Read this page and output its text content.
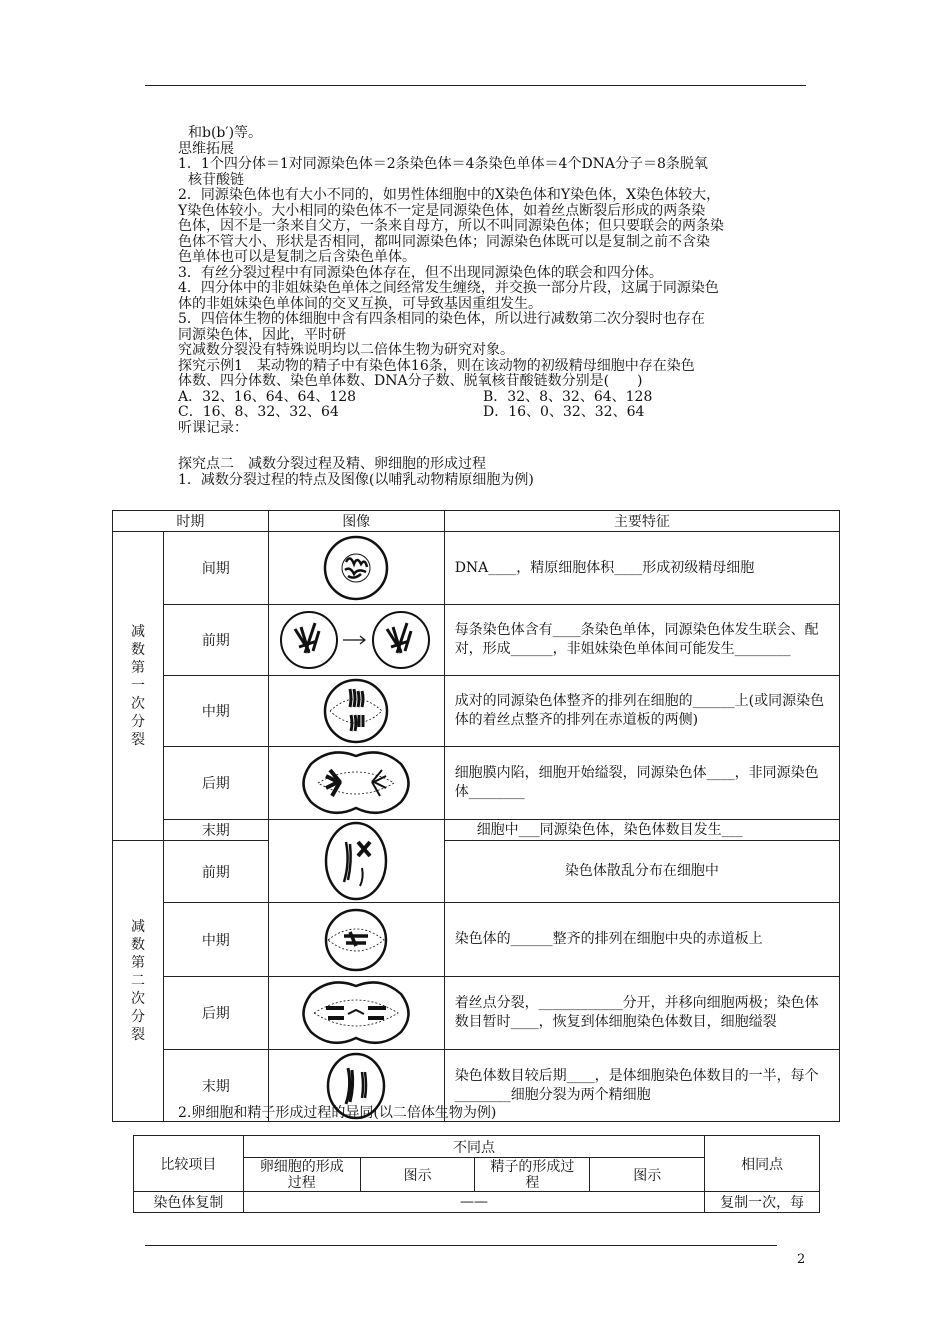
和b(b′)等。

思维拓展

1．1个四分体＝1对同源染色体＝2条染色体＝4条染色单体＝4个DNA分子＝8条脱氧

核苷酸链

2．同源染色体也有大小不同的，如男性体细胞中的X染色体和Y染色体，X染色体较大，

Y染色体较小。大小相同的染色体不一定是同源染色体，如着丝点断裂后形成的两条染

色体，因不是一条来自父方，一条来自母方，所以不叫同源染色体；但只要联会的两条染

色体不管大小、形状是否相同，都叫同源染色体；同源染色体既可以是复制之前不含染

色单体也可以是复制之后含染色单体。

3．有丝分裂过程中有同源染色体存在，但不出现同源染色体的联会和四分体。

4．四分体中的非姐妹染色单体之间经常发生缠绕，并交换一部分片段，这属于同源染色

体的非姐妹染色单体间的交叉互换，可导致基因重组发生。

5．四倍体生物的体细胞中含有四条相同的染色体，所以进行减数第二次分裂时也存在

同源染色体，因此，平时研

究减数分裂没有特殊说明均以二倍体生物为研究对象。

探究示例1　某动物的精子中有染色体16条，则在该动物的初级精母细胞中存在染色

体数、四分体数、染色单体数、DNA分子数、脱氧核苷酸链数分别是(　　)

A．32、16、64、64、128	B．32、8、32、64、128
C．16、8、32、32、64	D．16、0、32、32、64

听课记录：

探究点二　减数分裂过程及精、卵细胞的形成过程

1．减数分裂过程的特点及图像(以哺乳动物精原细胞为例)

时期		图像	主要特征

减数第一次分裂	间期		DNA____，精原细胞体积____形成初级精母细胞
	前期		每条染色体含有____条染色单体，同源染色体发生联会、配对，形成______，非姐妹染色单体间可能发生________
	中期		成对的同源染色体整齐的排列在细胞的______上(或同源染色体的着丝点整齐的排列在赤道板的两侧)
	后期		细胞膜内陷，细胞开始缢裂，同源染色体____，非同源染色体________
	末期		细胞中___同源染色体，染色体数目发生___

减数第二次分裂	前期		染色体散乱分布在细胞中
	中期		染色体的______整齐的排列在细胞中央的赤道板上
	后期		着丝点分裂，____________分开，并移向细胞两极；染色体数目暂时____，恢复到体细胞染色体数目，细胞缢裂
	末期		染色体数目较后期____，是体细胞染色体数目的一半，每个________细胞分裂为两个精细胞
2.卵细胞和精子形成过程的异同(以二倍体生物为例)
比较项目	不同点				相同点

	卵细胞的形成过程	图示	精子的形成过程	图示	
染色体复制	——				复制一次，每
2
